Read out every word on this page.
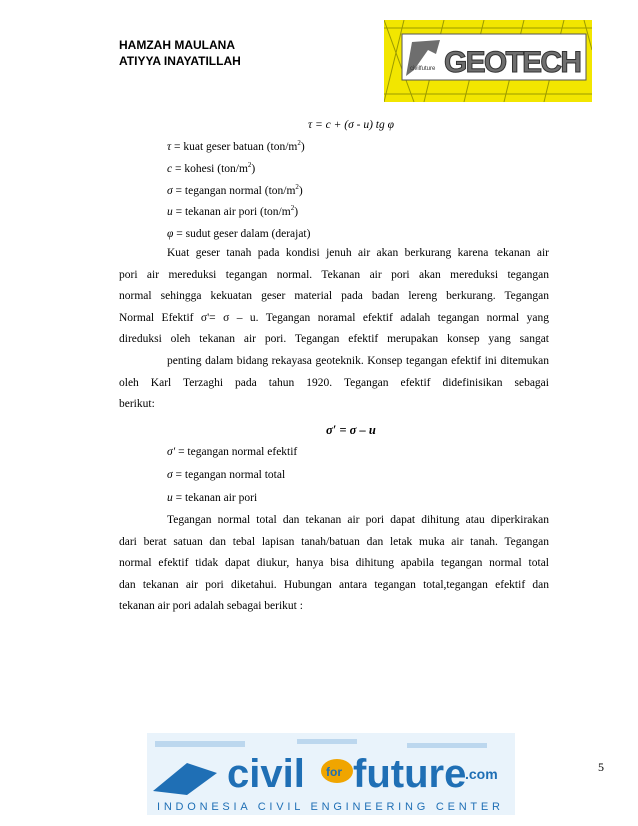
HAMZAH MAULANA
ATIYYA INAYATILLAH
civilfuture GEOTECH
τ = c + (σ - u) tg φ
τ = kuat geser batuan $(ton/m^2)$
c = kohesi $(ton/m^2)$
σ = tegangan normal $(ton/m^2)$
u = tekanan air pori $(ton/m^2)$
φ = sudut geser dalam (derajat)
Kuat geser tanah pada kondisi jenuh air akan berkurang karena tekanan air
pori air mereduksi tegangan normal. Tekanan air pori akan mereduksi tegangan
normal sehingga kekuatan geser material pada badan lereng berkurang. Tegangan
Normal Efektif σ'= σ – u. Tegangan noramal efektif adalah tegangan normal yang
direduksi oleh tekanan air pori. Tegangan efektif merupakan konsep yang sangat
penting dalam bidang rekayasa geoteknik. Konsep tegangan efektif ini ditemukan
oleh Karl Terzaghi pada tahun 1920. Tegangan efektif didefinisikan sebagai
berikut:
σ′ = σ – u
σ′ = tegangan normal efektif
σ = tegangan normal total
u = tekanan air pori
Tegangan normal total dan tekanan air pori dapat dihitung atau diperkirakan
dari berat satuan dan tebal lapisan tanah/batuan dan letak muka air tanah. Tegangan
normal efektif tidak dapat diukur, hanya bisa dihitung apabila tegangan normal total
dan tekanan air pori diketahui. Hubungan antara tegangan total,tegangan efektif dan
tekanan air pori adalah sebagai berikut :
civil for future
.com
INDONESIA CIVIL ENGINEERING CENTER
5
